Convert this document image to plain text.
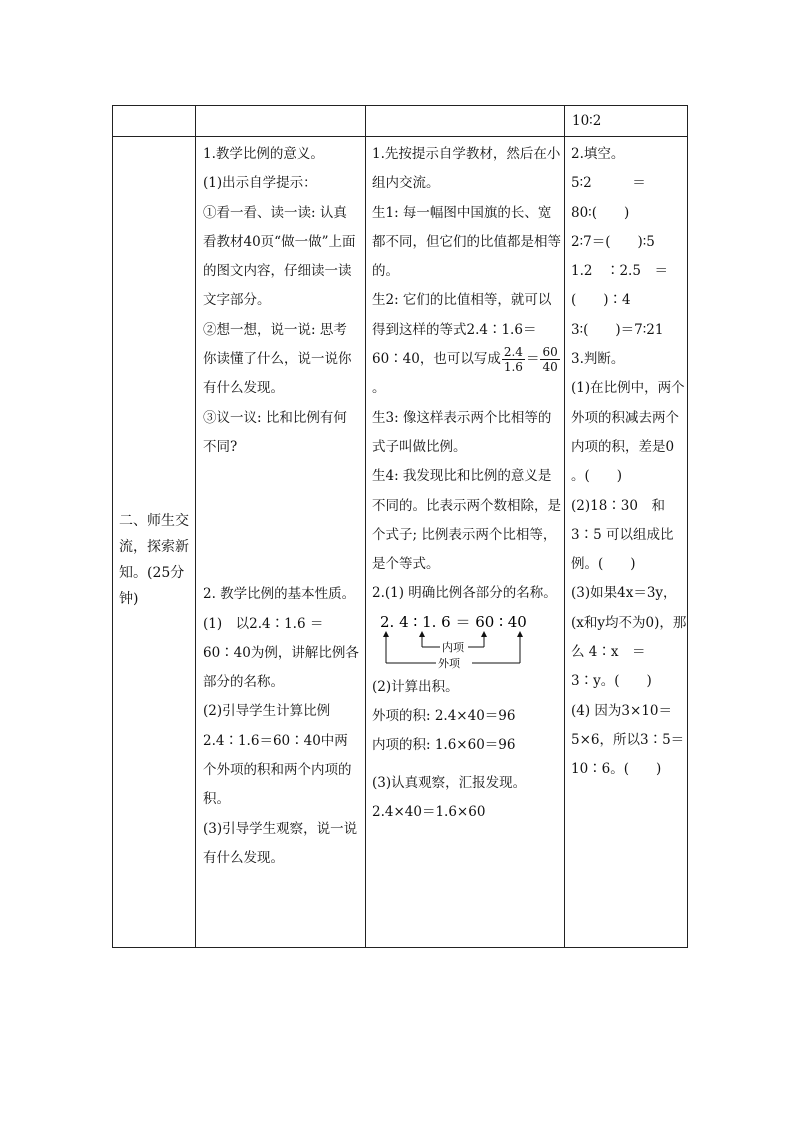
10∶2
二、师生交流，探索新知。(25分钟)

1.教学比例的意义。

(1)出示自学提示：

①看一看、读一读: 认真看教材40页“做一做”上面的图文内容，仔细读一读文字部分。

②想一想，说一说: 思考你读懂了什么，说一说你有什么发现。

③议一议: 比和比例有何不同?

2. 教学比例的基本性质。

(1)　以2.4∶1.6 ＝60∶40为例，讲解比例各部分的名称。

(2)引导学生计算比例2.4∶1.6＝60∶40中两个外项的积和两个内项的积。

(3)引导学生观察，说一说有什么发现。

1.先按提示自学教材，然后在小组内交流。

生1: 每一幅图中国旗的长、宽都不同，但它们的比值都是相等的。

生2: 它们的比值相等，就可以得到这样的等式2.4∶1.6＝60∶40，也可以写成 $\frac{2.4}{1.6} = \frac{60}{40}$
。

生3: 像这样表示两个比相等的式子叫做比例。

生4: 我发现比和比例的意义是不同的。比表示两个数相除，是个式子; 比例表示两个比相等，是个等式。

2.(1) 明确比例各部分的名称。

2. 4 ∶ 1. 6 ＝ 60 ∶ 40
外项
内项

(2)计算出积。

外项的积: 2.4×40＝96

内项的积: 1.6×60＝96

(3)认真观察，汇报发现。

2.4×40＝1.6×60

2.填空。

5∶2　　　＝80∶(　　)

2∶7＝(　　)∶5

1.2　∶2.5　＝(　　)∶4

3∶(　　)＝7∶21

3.判断。

(1)在比例中，两个外项的积减去两个内项的积，差是0 。(　　)

(2)18∶30　和3∶5 可以组成比例。(　　)

(3)如果4x＝3y，(x和y均不为0)，那么 4∶x　＝3∶y。(　　)

(4) 因为3×10＝5×6，所以3∶5＝10∶6。(　　)
